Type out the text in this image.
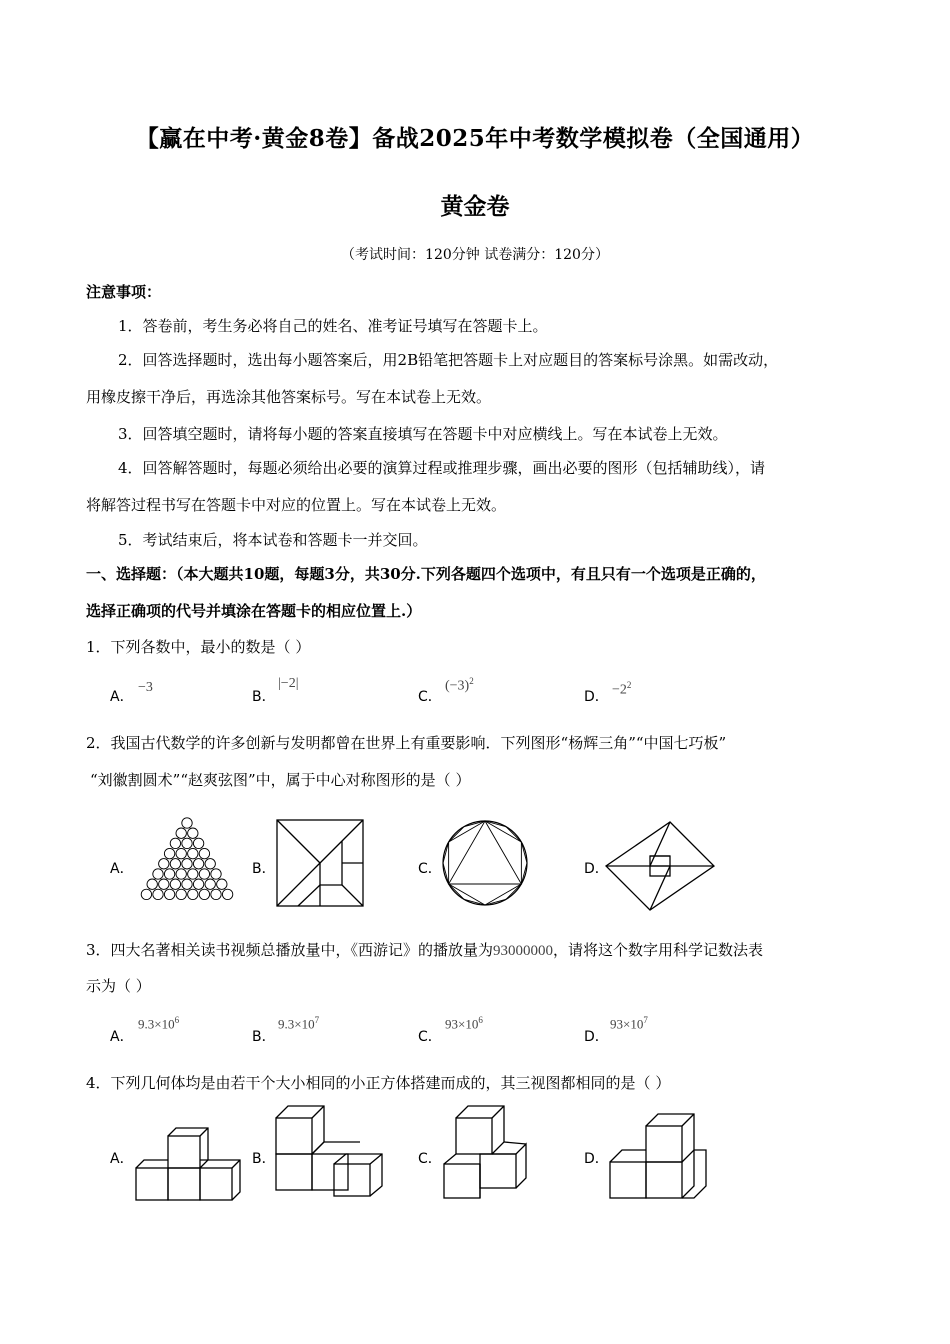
【赢在中考·黄金8卷】备战2025年中考数学模拟卷（全国通用）
黄金卷
（考试时间：120分钟 试卷满分：120分）
注意事项：
1．答卷前，考生务必将自己的姓名、准考证号填写在答题卡上。
2．回答选择题时，选出每小题答案后，用2B铅笔把答题卡上对应题目的答案标号涂黑。如需改动，
用橡皮擦干净后，再选涂其他答案标号。写在本试卷上无效。
3．回答填空题时，请将每小题的答案直接填写在答题卡中对应横线上。写在本试卷上无效。
4．回答解答题时，每题必须给出必要的演算过程或推理步骤，画出必要的图形（包括辅助线），请
将解答过程书写在答题卡中对应的位置上。写在本试卷上无效。
5．考试结束后，将本试卷和答题卡一并交回。
一、选择题：（本大题共10题，每题3分，共30分.下列各题四个选项中，有且只有一个选项是正确的，
选择正确项的代号并填涂在答题卡的相应位置上.）
1．下列各数中，最小的数是（ ）
A．
−3
B．
|−2|
C．
$(-3)^2$
D． $-2^2$
2．我国古代数学的许多创新与发明都曾在世界上有重要影响．下列图形“杨辉三角”“中国七巧板”
“刘徽割圆术”“赵爽弦图”中，属于中心对称图形的是（ ）
A．	B．	C．	D．
3．四大名著相关读书视频总播放量中，《西游记》的播放量为93000000，请将这个数字用科学记数法表
示为（ ）
A．
$9.3\times 10^6$
B．
$9.3\times 10^7$
C．
$93\times 10^6$
D．
$93\times 10^7$
4．下列几何体均是由若干个大小相同的小正方体搭建而成的，其三视图都相同的是（ ）
A．	B．	C．	D．
